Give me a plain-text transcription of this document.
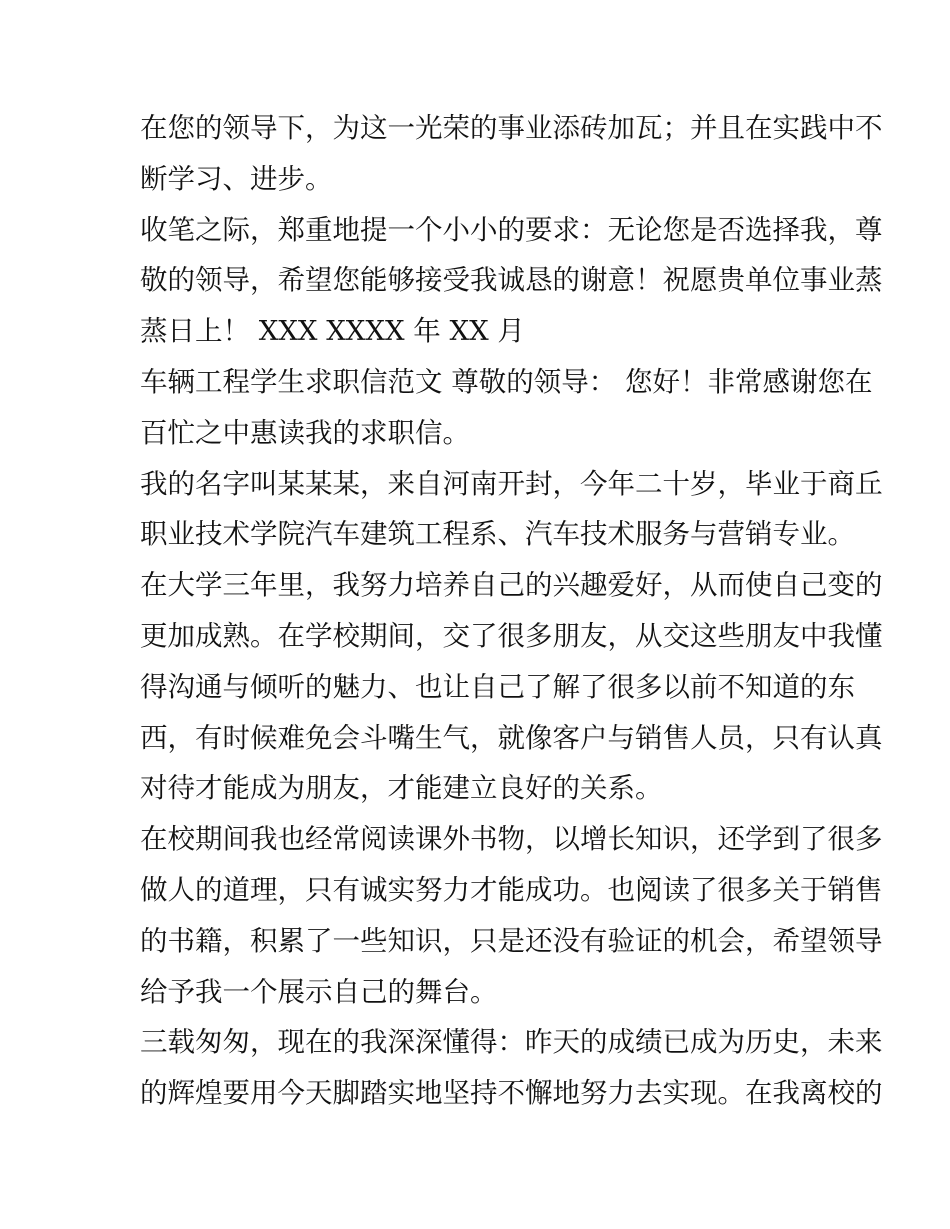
在您的领导下，为这一光荣的事业添砖加瓦；并且在实践中不
断学习、进步。
收笔之际，郑重地提一个小小的要求：无论您是否选择我，尊
敬的领导，希望您能够接受我诚恳的谢意！祝愿贵单位事业蒸
蒸日上！ XXX XXXX 年 XX 月
车辆工程学生求职信范文 尊敬的领导： 您好！非常感谢您在
百忙之中惠读我的求职信。
我的名字叫某某某，来自河南开封，今年二十岁，毕业于商丘
职业技术学院汽车建筑工程系、汽车技术服务与营销专业。
在大学三年里，我努力培养自己的兴趣爱好，从而使自己变的
更加成熟。在学校期间，交了很多朋友，从交这些朋友中我懂
得沟通与倾听的魅力、也让自己了解了很多以前不知道的东
西，有时候难免会斗嘴生气，就像客户与销售人员，只有认真
对待才能成为朋友，才能建立良好的关系。
在校期间我也经常阅读课外书物，以增长知识，还学到了很多
做人的道理，只有诚实努力才能成功。也阅读了很多关于销售
的书籍，积累了一些知识，只是还没有验证的机会，希望领导
给予我一个展示自己的舞台。
三载匆匆，现在的我深深懂得：昨天的成绩已成为历史，未来
的辉煌要用今天脚踏实地坚持不懈地努力去实现。在我离校的
